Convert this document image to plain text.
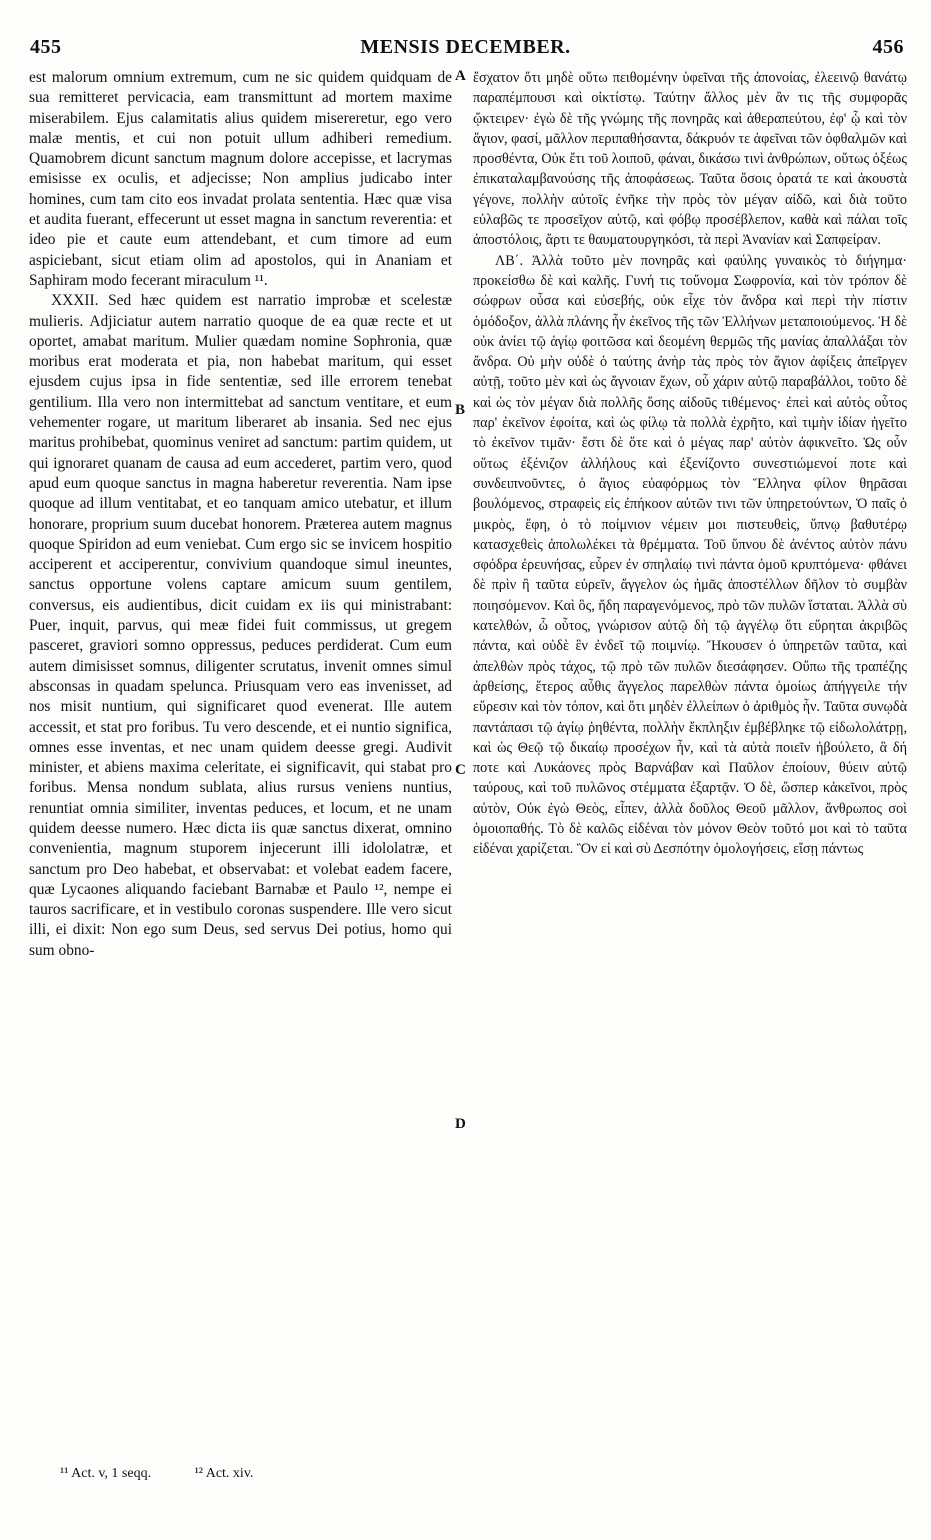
455	MENSIS DECEMBER.	456

est malorum omnium extremum, cum ne sic quidem quidquam de sua remitteret pervicacia, eam transmittunt ad mortem maxime miserabilem. Ejus calamitatis alius quidem misereretur, ego vero malæ mentis, et cui non potuit ullum adhiberi remedium. Quamobrem dicunt sanctum magnum dolore accepisse, et lacrymas emisisse ex oculis, et adjecisse; Non amplius judicabo inter homines, cum tam cito eos invadat prolata sententia. Hæc quæ visa et audita fuerant, effecerunt ut esset magna in sanctum reverentia: et ideo pie et caute eum attendebant, et cum timore ad eum aspiciebant, sicut etiam olim ad apostolos, qui in Ananiam et Saphiram modo fecerant miraculum ¹¹.

XXXII. Sed hæc quidem est narratio improbæ et scelestæ mulieris. Adjiciatur autem narratio quoque de ea quæ recte et ut oportet, amabat maritum. Mulier quædam nomine Sophronia, quæ moribus erat moderata et pia, non habebat maritum, qui esset ejusdem cujus ipsa in fide sententiæ, sed ille errorem tenebat gentilium. Illa vero non intermittebat ad sanctum ventitare, et eum vehementer rogare, ut maritum liberaret ab insania. Sed nec ejus maritus prohibebat, quominus veniret ad sanctum: partim quidem, ut qui ignoraret quanam de causa ad eum accederet, partim vero, quod apud eum quoque sanctus in magna haberetur reverentia. Nam ipse quoque ad illum ventitabat, et eo tanquam amico utebatur, et illum honorare, proprium suum ducebat honorem. Præterea autem magnus quoque Spiridon ad eum veniebat. Cum ergo sic se invicem hospitio acciperent et acciperentur, convivium quandoque simul ineuntes, sanctus opportune volens captare amicum suum gentilem, conversus, eis audientibus, dicit cuidam ex iis qui ministrabant: Puer, inquit, parvus, qui meæ fidei fuit commissus, ut gregem pasceret, graviori somno oppressus, peduces perdiderat. Cum eum autem dimisisset somnus, diligenter scrutatus, invenit omnes simul absconsas in quadam spelunca. Priusquam vero eas invenisset, ad nos misit nuntium, qui significaret quod evenerat. Ille autem accessit, et stat pro foribus. Tu vero descende, et ei nuntio significa, omnes esse inventas, et nec unam quidem deesse gregi. Audivit minister, et abiens maxima celeritate, ei significavit, qui stabat pro foribus. Mensa nondum sublata, alius rursus veniens nuntius, renuntiat omnia similiter, inventas peduces, et locum, et ne unam quidem deesse numero. Hæc dicta iis quæ sanctus dixerat, omnino convenientia, magnum stuporem injecerunt illi idololatræ, et sanctum pro Deo habebat, et observabat: et volebat eadem facere, quæ Lycaones aliquando faciebant Barnabæ et Paulo ¹², nempe ei tauros sacrificare, et in vestibulo coronas suspendere. Ille vero sicut illi, ei dixit: Non ego sum Deus, sed servus Dei potius, homo qui sum obno-

A
B
C
D

ἔσχατον ὅτι μηδὲ οὕτω πειθομένην ὑφεῖναι τῆς ἀπονοίας, ἐλεεινῷ θανάτῳ παραπέμπουσι καὶ οἰκτίστῳ. Ταύτην ἄλλος μὲν ἂν τις τῆς συμφορᾶς ᾤκτειρεν· ἐγὼ δὲ τῆς γνώμης τῆς πονηρᾶς καὶ ἀθεραπεύτου, ἐφ' ᾧ καὶ τὸν ἅγιον, φασί, μᾶλλον περιπαθήσαντα, δάκρυόν τε ἀφεῖναι τῶν ὀφθαλμῶν καὶ προσθέντα, Οὐκ ἔτι τοῦ λοιποῦ, φάναι, δικάσω τινὶ ἀνθρώπων, οὕτως ὀξέως ἐπικαταλαμβανούσης τῆς ἀποφάσεως. Ταῦτα ὅσοις ὁρατά τε καὶ ἀκουστὰ γέγονε, πολλὴν αὐτοῖς ἐνῆκε τὴν πρὸς τὸν μέγαν αἰδῶ, καὶ διὰ τοῦτο εὐλαβῶς τε προσεῖχον αὐτῷ, καὶ φόβῳ προσέβλεπον, καθὰ καὶ πάλαι τοῖς ἀποστόλοις, ἄρτι τε θαυματουργηκόσι, τὰ περὶ Ἀνανίαν καὶ Σαπφείραν.

ΛΒ΄. Ἀλλὰ τοῦτο μὲν πονηρᾶς καὶ φαύλης γυναικὸς τὸ διήγημα· προκείσθω δὲ καὶ καλῆς. Γυνή τις τοὔνομα Σωφρονία, καὶ τὸν τρόπον δὲ σώφρων οὖσα καὶ εὐσεβής, οὐκ εἶχε τὸν ἄνδρα καὶ περὶ τὴν πίστιν ὁμόδοξον, ἀλλὰ πλάνης ἦν ἐκεῖνος τῆς τῶν Ἑλλήνων μεταποιούμενος. Ἡ δὲ οὐκ ἀνίει τῷ ἁγίῳ φοιτῶσα καὶ δεομένη θερμῶς τῆς μανίας ἀπαλλάξαι τὸν ἄνδρα. Οὐ μὴν οὐδὲ ὁ ταύτης ἀνὴρ τὰς πρὸς τὸν ἅγιον ἀφίξεις ἀπεῖργεν αὐτῇ, τοῦτο μὲν καὶ ὡς ἄγνοιαν ἔχων, οὗ χάριν αὐτῷ παραβάλλοι, τοῦτο δὲ καὶ ὡς τὸν μέγαν διὰ πολλῆς ὅσης αἰδοῦς τιθέμενος· ἐπεὶ καὶ αὐτὸς οὗτος παρ' ἐκεῖνον ἐφοίτα, καὶ ὡς φίλῳ τὰ πολλὰ ἐχρῆτο, καὶ τιμὴν ἰδίαν ἡγεῖτο τὸ ἐκεῖνον τιμᾶν· ἔστι δὲ ὅτε καὶ ὁ μέγας παρ' αὐτὸν ἀφικνεῖτο. Ὡς οὖν οὕτως ἐξένιζον ἀλλήλους καὶ ἐξενίζοντο συνεστιώμενοί ποτε καὶ συνδειπνοῦντες, ὁ ἅγιος εὐαφόρμως τὸν Ἕλληνα φίλον θηρᾶσαι βουλόμενος, στραφεὶς εἰς ἐπήκοον αὐτῶν τινι τῶν ὑπηρετούντων, Ὁ παῖς ὁ μικρὸς, ἔφη, ὁ τὸ ποίμνιον νέμειν μοι πιστευθεὶς, ὕπνῳ βαθυτέρῳ κατασχεθεὶς ἀπολωλέκει τὰ θρέμματα. Τοῦ ὕπνου δὲ ἀνέντος αὐτὸν πάνυ σφόδρα ἐρευνήσας, εὗρεν ἐν σπηλαίῳ τινὶ πάντα ὁμοῦ κρυπτόμενα· φθάνει δὲ πρὶν ἢ ταῦτα εὑρεῖν, ἄγγελον ὡς ἡμᾶς ἀποστέλλων δῆλον τὸ συμβὰν ποιησόμενον. Καὶ ὃς, ἤδη παραγενόμενος, πρὸ τῶν πυλῶν ἵσταται. Ἀλλὰ σὺ κατελθών, ὦ οὗτος, γνώρισον αὐτῷ δὴ τῷ ἀγγέλῳ ὅτι εὕρηται ἀκριβῶς πάντα, καὶ οὐδὲ ἓν ἐνδεῖ τῷ ποιμνίῳ. Ἤκουσεν ὁ ὑπηρετῶν ταῦτα, καὶ ἀπελθὼν πρὸς τάχος, τῷ πρὸ τῶν πυλῶν διεσάφησεν. Οὔπω τῆς τραπέζης ἀρθείσης, ἕτερος αὖθις ἄγγελος παρελθὼν πάντα ὁμοίως ἀπήγγειλε τήν εὕρεσιν καὶ τὸν τόπον, καὶ ὅτι μηδὲν ἐλλείπων ὁ ἀριθμὸς ἦν. Ταῦτα συνῳδὰ παντάπασι τῷ ἁγίῳ ῥηθέντα, πολλὴν ἔκπληξιν ἐμβέβληκε τῷ εἰδωλολάτρῃ, καὶ ὡς Θεῷ τῷ δικαίῳ προσέχων ἦν, καὶ τὰ αὐτὰ ποιεῖν ἠβούλετο, ἃ δή ποτε καὶ Λυκάονες πρὸς Βαρνάβαν καὶ Παῦλον ἐποίουν, θύειν αὐτῷ ταύρους, καὶ τοῦ πυλῶνος στέμματα ἐξαρτᾷν. Ὁ δὲ, ὥσπερ κἀκεῖνοι, πρὸς αὐτὸν, Οὐκ ἐγὼ Θεὸς, εἶπεν, ἀλλὰ δοῦλος Θεοῦ μᾶλλον, ἄνθρωπος σοὶ ὁμοιοπαθής. Τὸ δὲ καλῶς εἰδέναι τὸν μόνον Θεὸν τοῦτό μοι καὶ τὸ ταῦτα εἰδέναι χαρίζεται. Ὃν εἰ καὶ σὺ Δεσπότην ὁμολογήσεις, εἴσῃ πάντως

¹¹ Act. v, 1 seqq.	¹² Act. xiv.
